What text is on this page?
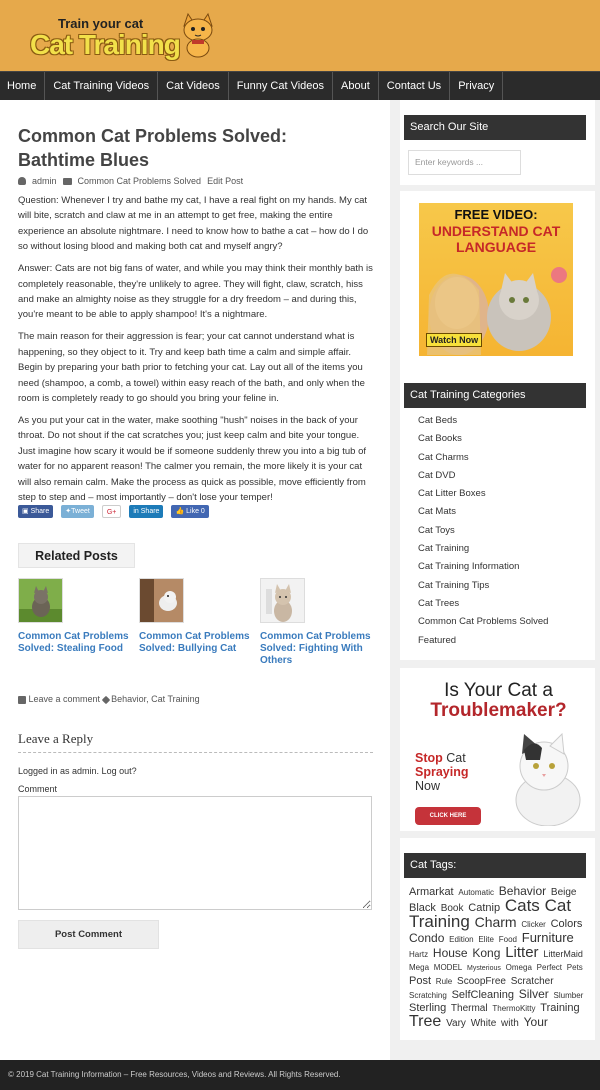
Train your cat
Cat Training
Home	Cat Training Videos	Cat Videos	Funny Cat Videos	About	Contact Us	Privacy
Common Cat Problems Solved: Bathtime Blues
admin Common Cat Problems Solved Edit Post

Question: Whenever I try and bathe my cat, I have a real fight on my hands. My cat will bite, scratch and claw at me in an attempt to get free, making the entire experience an absolute nightmare. I need to know how to bathe a cat – how do I do so without losing blood and making both cat and myself angry?

Answer: Cats are not big fans of water, and while you may think their monthly bath is completely reasonable, they're unlikely to agree. They will fight, claw, scratch, hiss and make an almighty noise as they struggle for a dry freedom – and during this, you're meant to be able to apply shampoo! It's a nightmare.

The main reason for their aggression is fear; your cat cannot understand what is happening, so they object to it. Try and keep bath time a calm and simple affair. Begin by preparing your bath prior to fetching your cat. Lay out all of the items you need (shampoo, a comb, a towel) within easy reach of the bath, and only when the room is completely ready to go should you bring your feline in.

As you put your cat in the water, make soothing "hush" noises in the back of your throat. Do not shout if the cat scratches you; just keep calm and bite your tongue. Just imagine how scary it would be if someone suddenly threw you into a big tub of water for no apparent reason! The calmer you remain, the more likely it is your cat will also remain calm. Make the process as quick as possible, move efficiently from step to step and – most importantly – don't lose your temper!

▣ Share	✦Tweet	G+	in Share	👍 Like 0
Related Posts
Common Cat Problems Solved: Stealing Food
Common Cat Problems Solved: Bullying Cat
Common Cat Problems Solved: Fighting With Others
Leave a comment Behavior, Cat Training
Leave a Reply
Logged in as admin. Log out?
Comment
Post Comment
Search Our Site
Enter keywords ...
FREE VIDEO:
UNDERSTAND CAT LANGUAGE
Watch Now
Cat Training Categories
Cat Beds
Cat Books
Cat Charms
Cat DVD
Cat Litter Boxes
Cat Mats
Cat Toys
Cat Training
Cat Training Information
Cat Training Tips
Cat Trees
Common Cat Problems Solved
Featured
Is Your Cat a
Troublemaker?
Stop Cat
Spraying
Now
CLICK HERE
Cat Tags:
Armarkat Automatic Behavior Beige Black Book Catnip Cats Cat Training Charm Clicker Colors Condo Edition Elite Food Furniture Hartz House Kong Litter LitterMaid Mega MODEL Mysterious Omega Perfect Pets Post Rule ScoopFree Scratcher Scratching SelfCleaning Silver Slumber Sterling Thermal ThermoKitty Training Tree Vary White with Your
© 2019 Cat Training Information – Free Resources, Videos and Reviews. All Rights Reserved.
